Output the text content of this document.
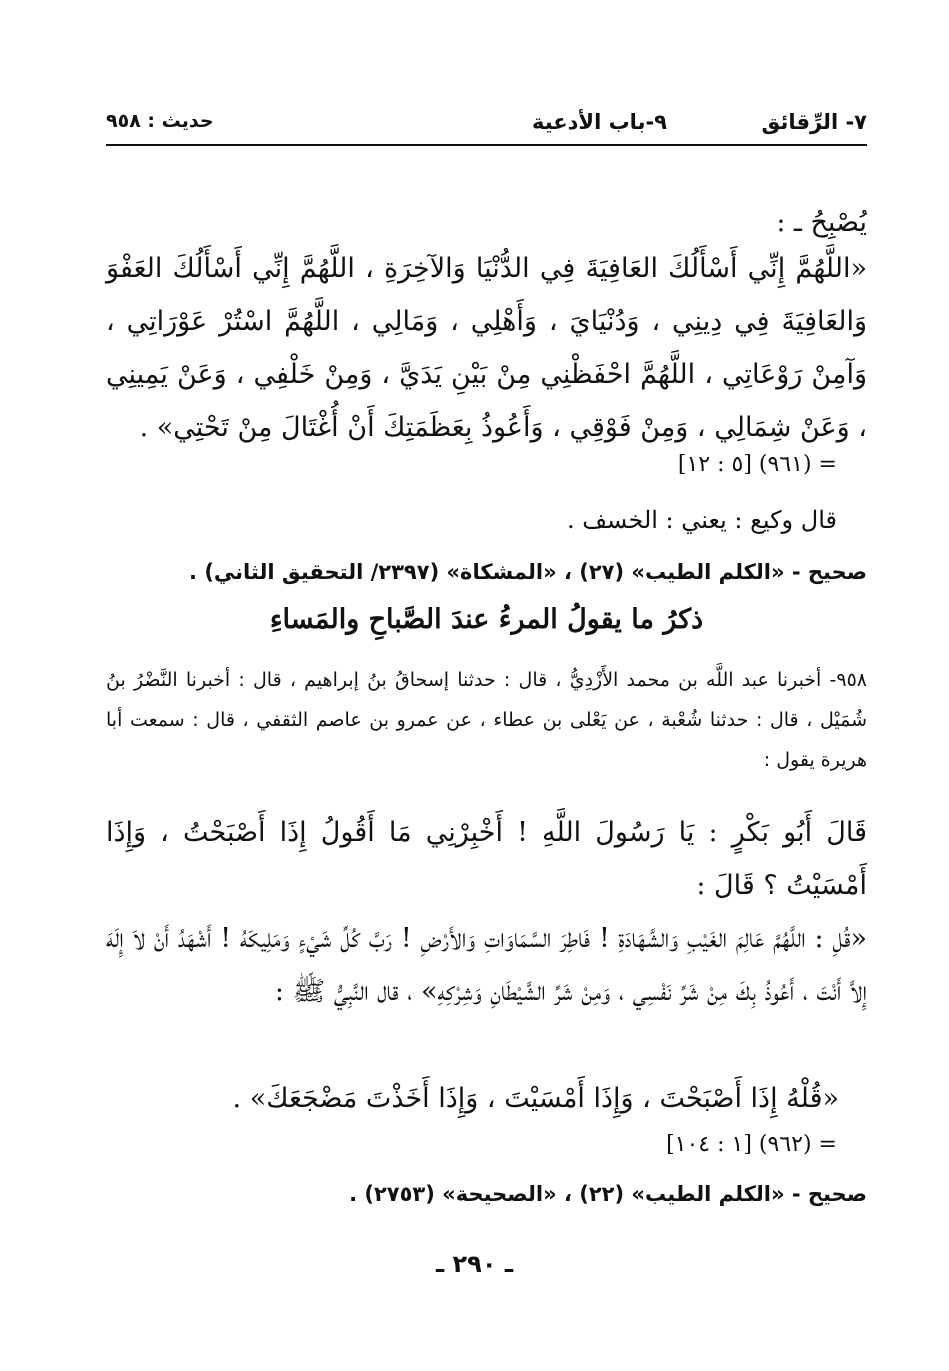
٧- الرِّقائق
٩-باب الأدعية
حديث : ٩٥٨
يُصْبِحُ ـ :
«اللَّهُمَّ إِنِّي أَسْأَلُكَ العَافِيَةَ فِي الدُّنْيَا وَالآخِرَةِ ، اللَّهُمَّ إِنِّي أَسْأَلُكَ العَفْوَ وَالعَافِيَةَ فِي دِينِي ، وَدُنْيَايَ ، وَأَهْلِي ، وَمَالِي ، اللَّهُمَّ اسْتُرْ عَوْرَاتِي ، وَآمِنْ رَوْعَاتِي ، اللَّهُمَّ احْفَظْنِي مِنْ بَيْنِ يَدَيَّ ، وَمِنْ خَلْفِي ، وَعَنْ يَمِينِي ، وَعَنْ شِمَالِي ، وَمِنْ فَوْقِي ، وَأَعُوذُ بِعَظَمَتِكَ أَنْ أُغْتَالَ مِنْ تَحْتِي» .
= (٩٦١) [٥ : ١٢]
قال وكيع : يعني : الخسف .
صحيح - «الكلم الطيب» (٢٧) ، «المشكاة» (٢٣٩٧/ التحقيق الثاني) .
ذكرُ ما يقولُ المرءُ عندَ الصَّباحِ والمَساءِ
٩٥٨- أخبرنا عبد اللَّه بن محمد الأَزْدِيُّ ، قال : حدثنا إسحاقُ بنُ إبراهيم ، قال : أخبرنا النَّضْرُ بنُ شُمَيْل ، قال : حدثنا شُعْبة ، عن يَعْلى بن عطاء ، عن عمرو بن عاصم الثقفي ، قال : سمعت أبا هريرة يقول :
قَالَ أَبُو بَكْرٍ : يَا رَسُولَ اللَّهِ ! أَخْبِرْنِي مَا أَقُولُ إِذَا أَصْبَحْتُ ، وَإِذَا أَمْسَيْتُ ؟ قَالَ :
«قُلِ : اللَّهُمَّ عَالِمَ الغَيْبِ وَالشَّهَادَةِ ! فَاطِرَ السَّمَاوَاتِ وَالأَرْضِ ! رَبَّ كُلِّ شَيْءٍ وَمَلِيكَهُ ! أَشْهَدُ أَنْ لاَ إِلَهَ إِلاَّ أَنْتَ ، أَعُوذُ بِكَ مِنْ شَرِّ نَفْسِي ، وَمِنْ شَرِّ الشَّيْطَانِ وَشِرْكِهِ» ، قال النَّبِيُّ ﷺ :
«قُلْهُ إِذَا أَصْبَحْتَ ، وَإِذَا أَمْسَيْتَ ، وَإِذَا أَخَذْتَ مَضْجَعَكَ» .
= (٩٦٢) [١ : ١٠٤]
صحيح - «الكلم الطيب» (٢٢) ، «الصحيحة» (٢٧٥٣) .
ـ ٢٩٠ ـ
